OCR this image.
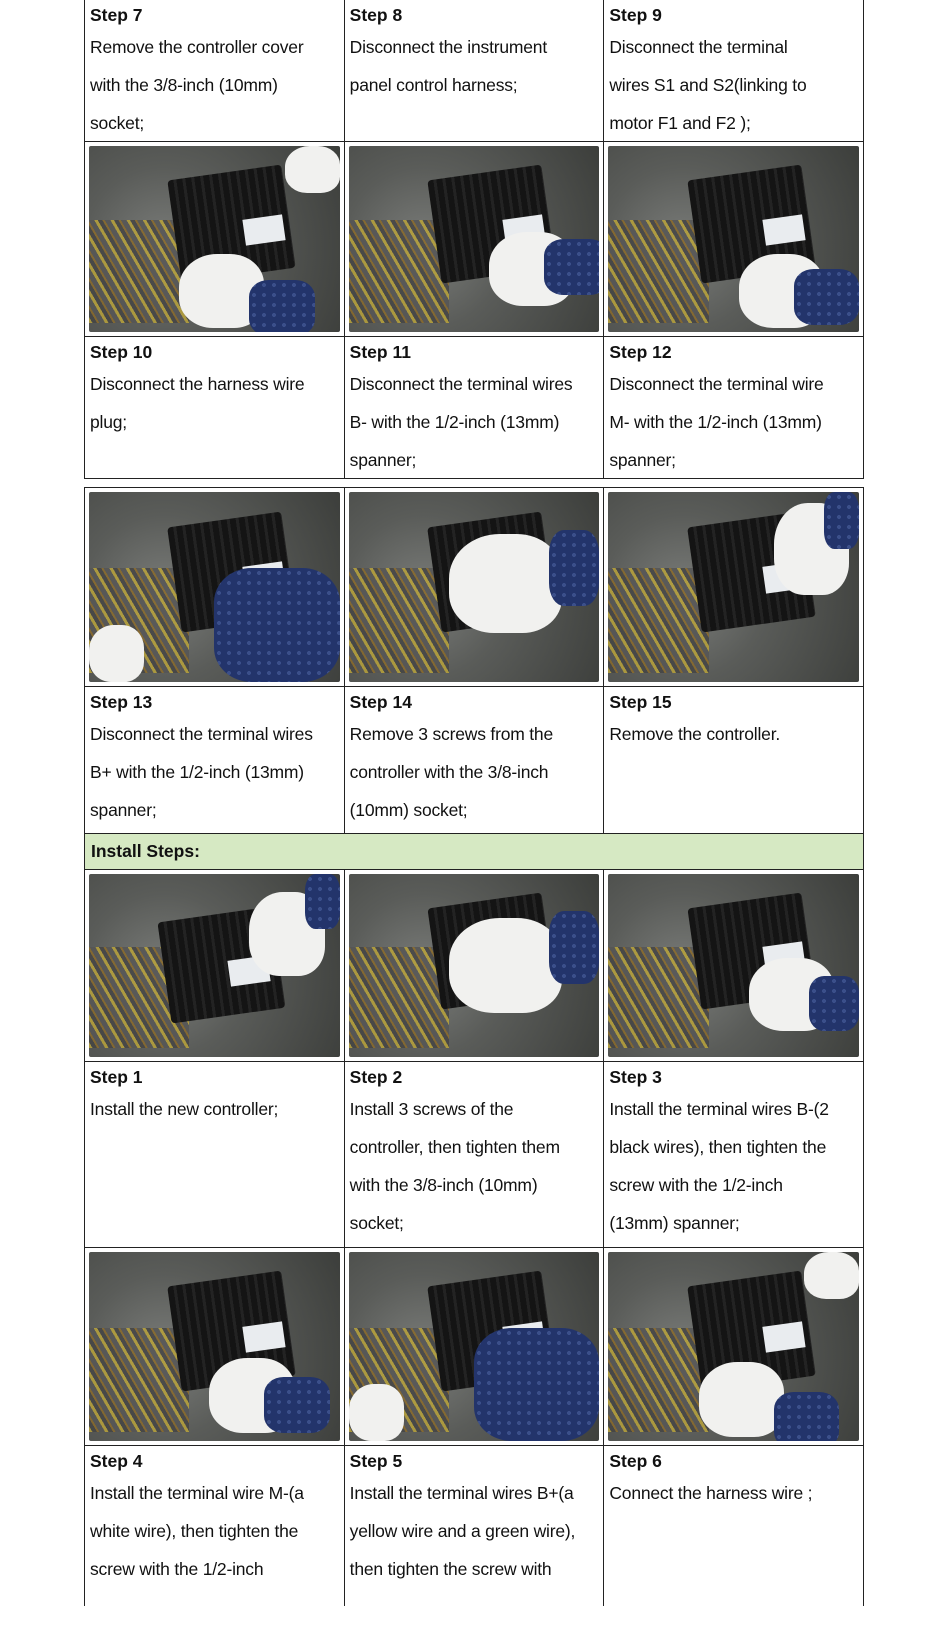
Step 7
Remove the controller cover
with the 3/8-inch (10mm)
socket;
Step 8
Disconnect the instrument
panel control harness;
Step 9
Disconnect the terminal
wires S1 and S2(linking to
motor F1 and F2 );
Step 10
Disconnect the harness wire
plug;
Step 11
Disconnect the terminal wires
B- with the 1/2-inch (13mm)
spanner;
Step 12
Disconnect the terminal wire
M- with the 1/2-inch (13mm)
spanner;
Step 13
Disconnect the terminal wires
B+ with the 1/2-inch (13mm)
spanner;
Step 14
Remove 3 screws from the
controller with the 3/8-inch
(10mm) socket;
Step 15
Remove the controller.
Install Steps:
Step 1
Install the new controller;
Step 2
Install 3 screws of the
controller, then tighten them
with the 3/8-inch (10mm)
socket;
Step 3
Install the terminal wires B-(2
black wires), then tighten the
screw with the 1/2-inch
(13mm) spanner;
Step 4
Install the terminal wire M-(a
white wire), then tighten the
screw with the 1/2-inch
Step 5
Install the terminal wires B+(a
yellow wire and a green wire),
then tighten the screw with
Step 6
Connect the harness wire ;
